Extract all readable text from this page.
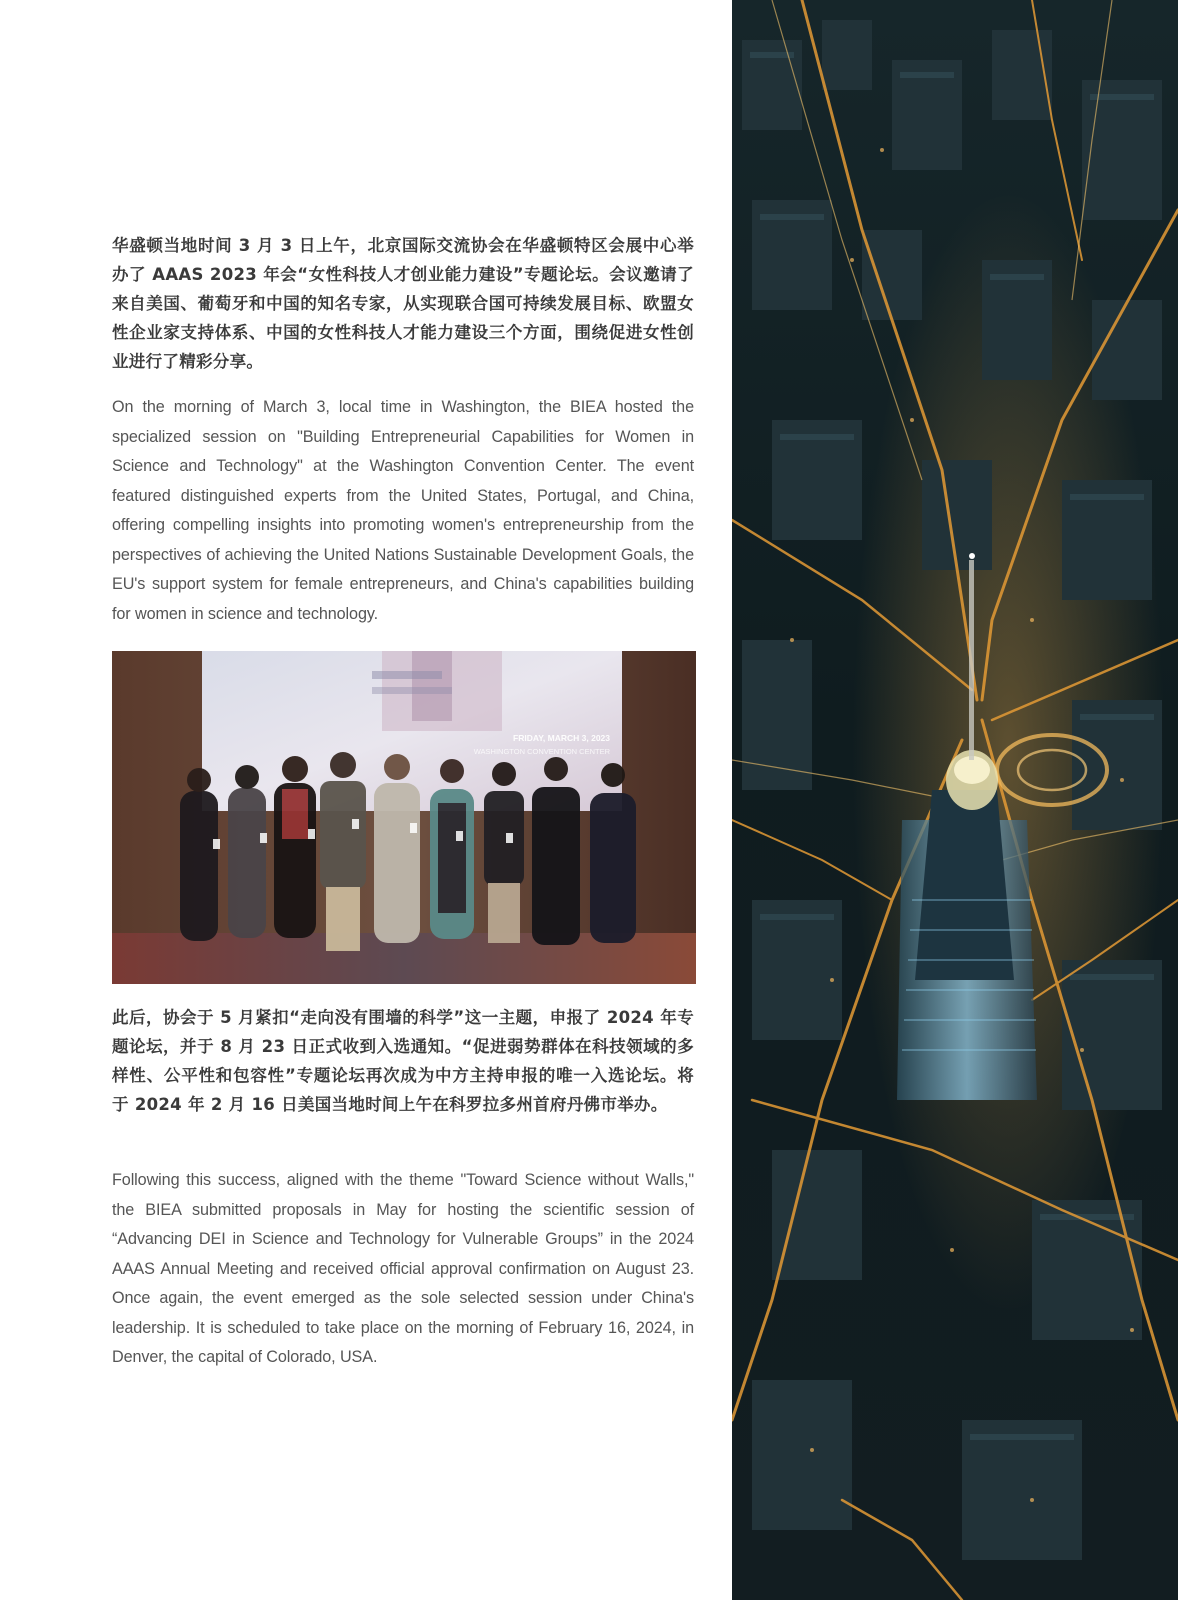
华盛顿当地时间 3 月 3 日上午，北京国际交流协会在华盛顿特区会展中心举办了 AAAS 2023 年会“女性科技人才创业能力建设”专题论坛。会议邀请了来自美国、葡萄牙和中国的知名专家，从实现联合国可持续发展目标、欧盟女性企业家支持体系、中国的女性科技人才能力建设三个方面，围绕促进女性创业进行了精彩分享。

On the morning of March 3, local time in Washington, the BIEA hosted the specialized session on "Building Entrepreneurial Capabilities for Women in Science and Technology" at the Washington Convention Center. The event featured distinguished experts from the United States, Portugal, and China, offering compelling insights into promoting women's entrepreneurship from the perspectives of achieving the United Nations Sustainable Development Goals, the EU's support system for female entrepreneurs, and China's capabilities building for women in science and technology.

FRIDAY, MARCH 3, 2023
WASHINGTON CONVENTION CENTER

此后，协会于 5 月紧扣“走向没有围墙的科学”这一主题，申报了 2024 年专题论坛，并于 8 月 23 日正式收到入选通知。“促进弱势群体在科技领域的多样性、公平性和包容性”专题论坛再次成为中方主持申报的唯一入选论坛。将于 2024 年 2 月 16 日美国当地时间上午在科罗拉多州首府丹佛市举办。

Following this success, aligned with the theme "Toward Science without Walls," the BIEA submitted proposals in May for hosting the scientific session of “Advancing DEI in Science and Technology for Vulnerable Groups” in the 2024 AAAS Annual Meeting and received official approval confirmation on August 23. Once again, the event emerged as the sole selected session under China's leadership. It is scheduled to take place on the morning of February 16, 2024, in Denver, the capital of Colorado, USA.
